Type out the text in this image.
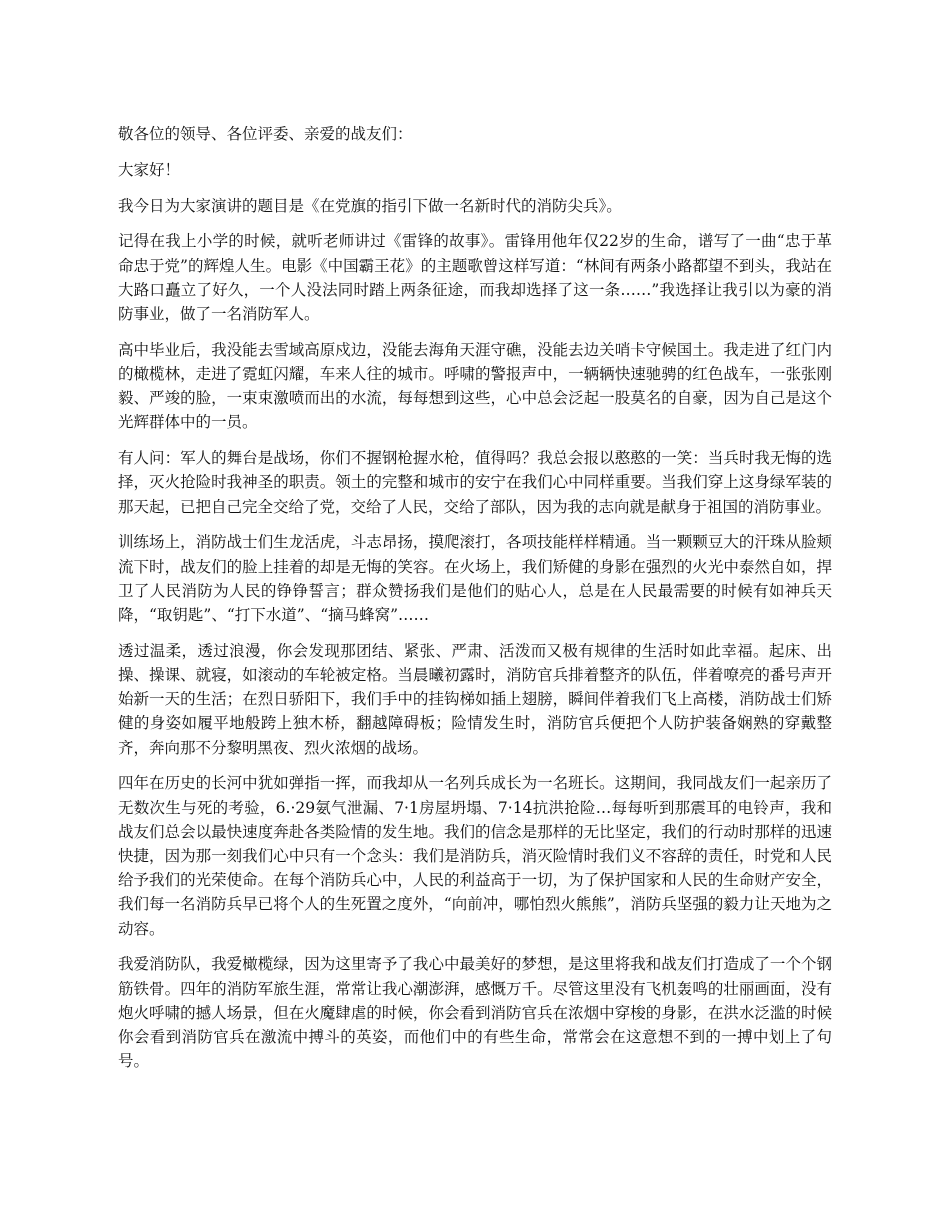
敬各位的领导、各位评委、亲爱的战友们：

大家好！

我今日为大家演讲的题目是《在党旗的指引下做一名新时代的消防尖兵》。

记得在我上小学的时候，就听老师讲过《雷锋的故事》。雷锋用他年仅22岁的生命，谱写了一曲“忠于革命忠于党”的辉煌人生。电影《中国霸王花》的主题歌曾这样写道：“林间有两条小路都望不到头，我站在大路口矗立了好久，一个人没法同时踏上两条征途，而我却选择了这一条……”我选择让我引以为豪的消防事业，做了一名消防军人。

高中毕业后，我没能去雪域高原戍边，没能去海角天涯守礁，没能去边关哨卡守候国土。我走进了红门内的橄榄林，走进了霓虹闪耀，车来人往的城市。呼啸的警报声中，一辆辆快速驰骋的红色战车，一张张刚毅、严竣的脸，一束束激喷而出的水流，每每想到这些，心中总会泛起一股莫名的自豪，因为自己是这个光辉群体中的一员。

有人问：军人的舞台是战场，你们不握钢枪握水枪，值得吗？我总会报以憨憨的一笑：当兵时我无悔的选择，灭火抢险时我神圣的职责。领土的完整和城市的安宁在我们心中同样重要。当我们穿上这身绿军装的那天起，已把自己完全交给了党，交给了人民，交给了部队，因为我的志向就是献身于祖国的消防事业。

训练场上，消防战士们生龙活虎，斗志昂扬，摸爬滚打，各项技能样样精通。当一颗颗豆大的汗珠从脸颊流下时，战友们的脸上挂着的却是无悔的笑容。在火场上，我们矫健的身影在强烈的火光中泰然自如，捍卫了人民消防为人民的铮铮誓言；群众赞扬我们是他们的贴心人，总是在人民最需要的时候有如神兵天降，“取钥匙”、“打下水道”、“摘马蜂窝”……

透过温柔，透过浪漫，你会发现那团结、紧张、严肃、活泼而又极有规律的生活时如此幸福。起床、出操、操课、就寝，如滚动的车轮被定格。当晨曦初露时，消防官兵排着整齐的队伍，伴着嘹亮的番号声开始新一天的生活；在烈日骄阳下，我们手中的挂钩梯如插上翅膀，瞬间伴着我们飞上高楼，消防战士们矫健的身姿如履平地般跨上独木桥，翻越障碍板；险情发生时，消防官兵便把个人防护装备娴熟的穿戴整齐，奔向那不分黎明黑夜、烈火浓烟的战场。

四年在历史的长河中犹如弹指一挥，而我却从一名列兵成长为一名班长。这期间，我同战友们一起亲历了无数次生与死的考验，6.·29氨气泄漏、7·1房屋坍塌、7·14抗洪抢险…每每听到那震耳的电铃声，我和战友们总会以最快速度奔赴各类险情的发生地。我们的信念是那样的无比坚定，我们的行动时那样的迅速快捷，因为那一刻我们心中只有一个念头：我们是消防兵，消灭险情时我们义不容辞的责任，时党和人民给予我们的光荣使命。在每个消防兵心中，人民的利益高于一切，为了保护国家和人民的生命财产安全，我们每一名消防兵早已将个人的生死置之度外，“向前冲，哪怕烈火熊熊”，消防兵坚强的毅力让天地为之动容。

我爱消防队，我爱橄榄绿，因为这里寄予了我心中最美好的梦想，是这里将我和战友们打造成了一个个钢筋铁骨。四年的消防军旅生涯，常常让我心潮澎湃，感慨万千。尽管这里没有飞机轰鸣的壮丽画面，没有炮火呼啸的撼人场景，但在火魔肆虐的时候，你会看到消防官兵在浓烟中穿梭的身影，在洪水泛滥的时候你会看到消防官兵在激流中搏斗的英姿，而他们中的有些生命，常常会在这意想不到的一搏中划上了句号。
